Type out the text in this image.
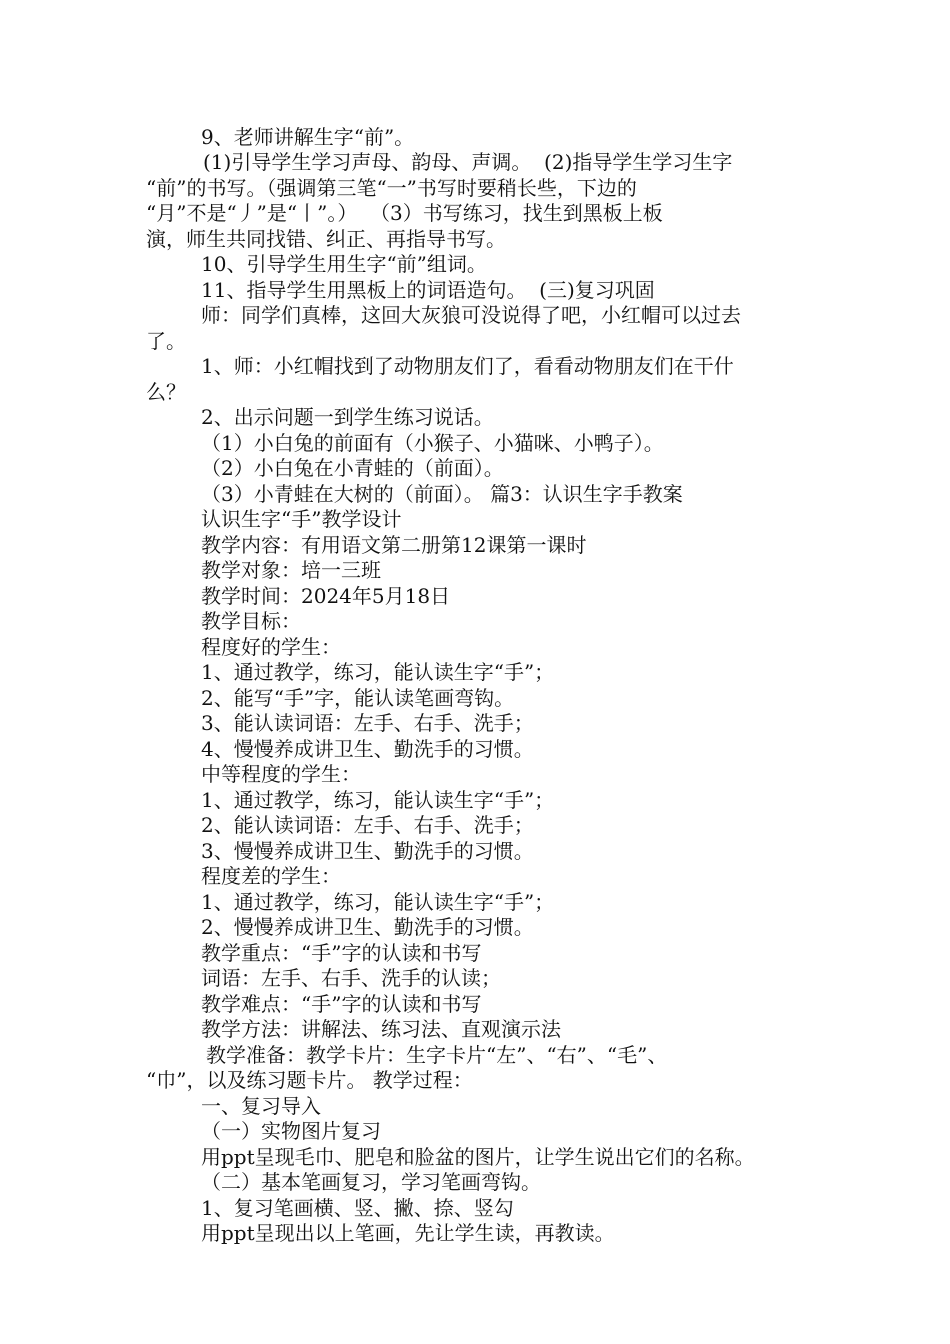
9、老师讲解生字“前”。
(1)引导学生学习声母、韵母、声调。  (2)指导学生学习生字
“前”的书写。（强调第三笔“一”书写时要稍长些，下边的
“月”不是“丿”是“丨”。）  （3）书写练习，找生到黑板上板
演，师生共同找错、纠正、再指导书写。
10、引导学生用生字“前”组词。
11、指导学生用黑板上的词语造句。  (三)复习巩固
师：同学们真棒，这回大灰狼可没说得了吧，小红帽可以过去
了。
1、师：小红帽找到了动物朋友们了，看看动物朋友们在干什
么？
2、出示问题一到学生练习说话。
（1）小白兔的前面有（小猴子、小猫咪、小鸭子）。
（2）小白兔在小青蛙的（前面）。
（3）小青蛙在大树的（前面）。 篇3：认识生字手教案
认识生字“手”教学设计
教学内容：有用语文第二册第12课第一课时
教学对象：培一三班
教学时间：2024年5月18日
教学目标：
程度好的学生：
1、通过教学，练习，能认读生字“手”；
2、能写“手”字，能认读笔画弯钩。
3、能认读词语：左手、右手、洗手；
4、慢慢养成讲卫生、勤洗手的习惯。
中等程度的学生：
1、通过教学，练习，能认读生字“手”；
2、能认读词语：左手、右手、洗手；
3、慢慢养成讲卫生、勤洗手的习惯。
程度差的学生：
1、通过教学，练习，能认读生字“手”；
2、慢慢养成讲卫生、勤洗手的习惯。
教学重点：“手”字的认读和书写
词语：左手、右手、洗手的认读；
教学难点：“手”字的认读和书写
教学方法：讲解法、练习法、直观演示法
教学准备：教学卡片：生字卡片“左”、“右”、“毛”、
“巾”，以及练习题卡片。 教学过程：
一、复习导入
（一）实物图片复习
用ppt呈现毛巾、肥皂和脸盆的图片，让学生说出它们的名称。
（二）基本笔画复习，学习笔画弯钩。
1、复习笔画横、竖、撇、捺、竖勾
用ppt呈现出以上笔画，先让学生读，再教读。
